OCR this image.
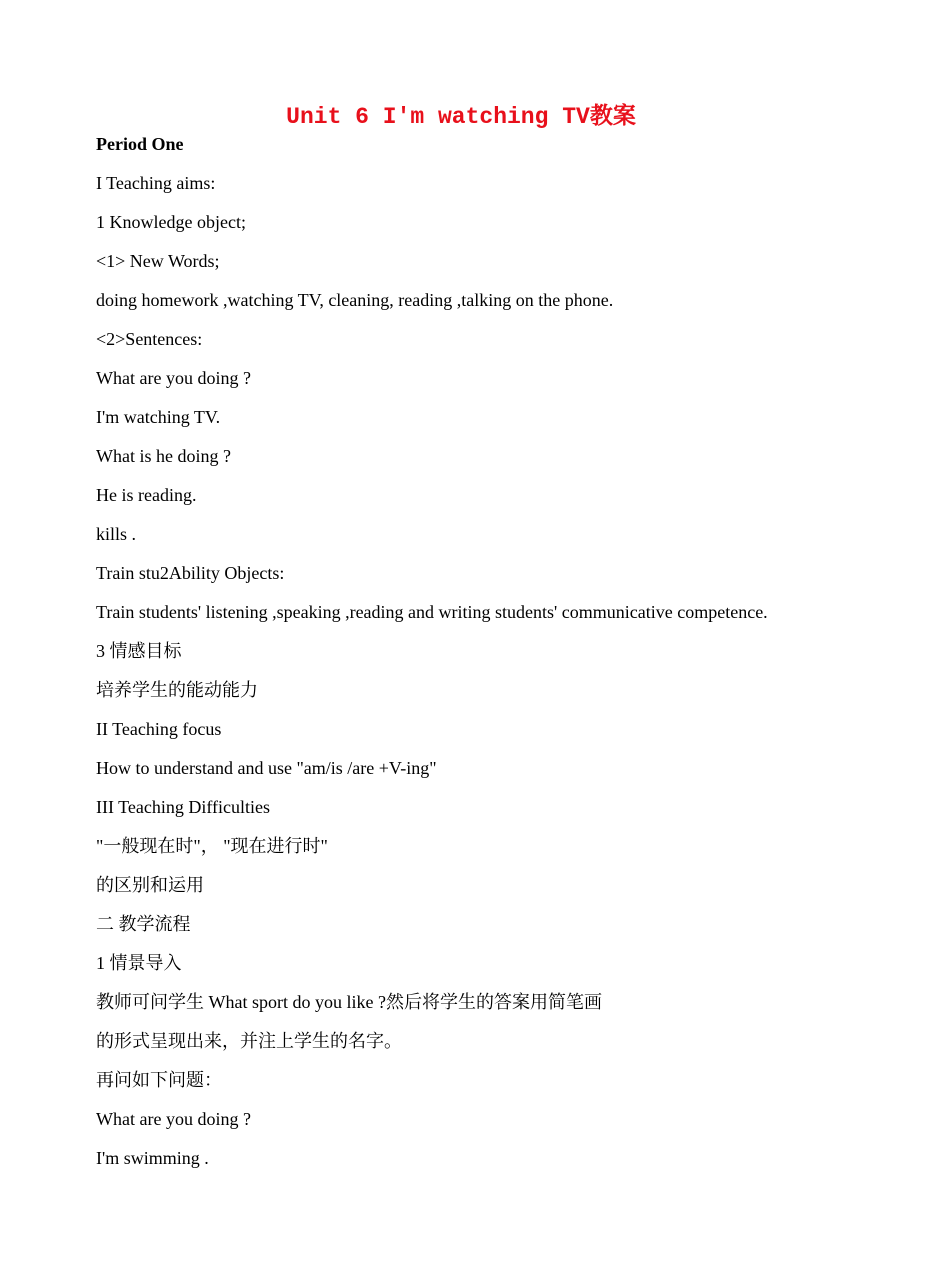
Unit 6 I'm watching TV教案
Period One
I Teaching aims:
1 Knowledge object;
<1> New Words;
doing homework ,watching TV, cleaning, reading ,talking on the phone.
<2>Sentences:
What are you doing ?
I'm watching TV.
What is he doing ?
He is reading.
kills .
Train stu2Ability Objects:
Train students' listening ,speaking ,reading and writing students' communicative competence.
3 情感目标
培养学生的能动能力
II Teaching focus
How to understand and use "am/is /are +V-ing"
III Teaching Difficulties
"一般现在时"， "现在进行时"
的区别和运用
二 教学流程
1 情景导入
教师可问学生 What sport do you like ?然后将学生的答案用简笔画
的形式呈现出来，并注上学生的名字。
再问如下问题：
What are you doing ?
I'm swimming .
